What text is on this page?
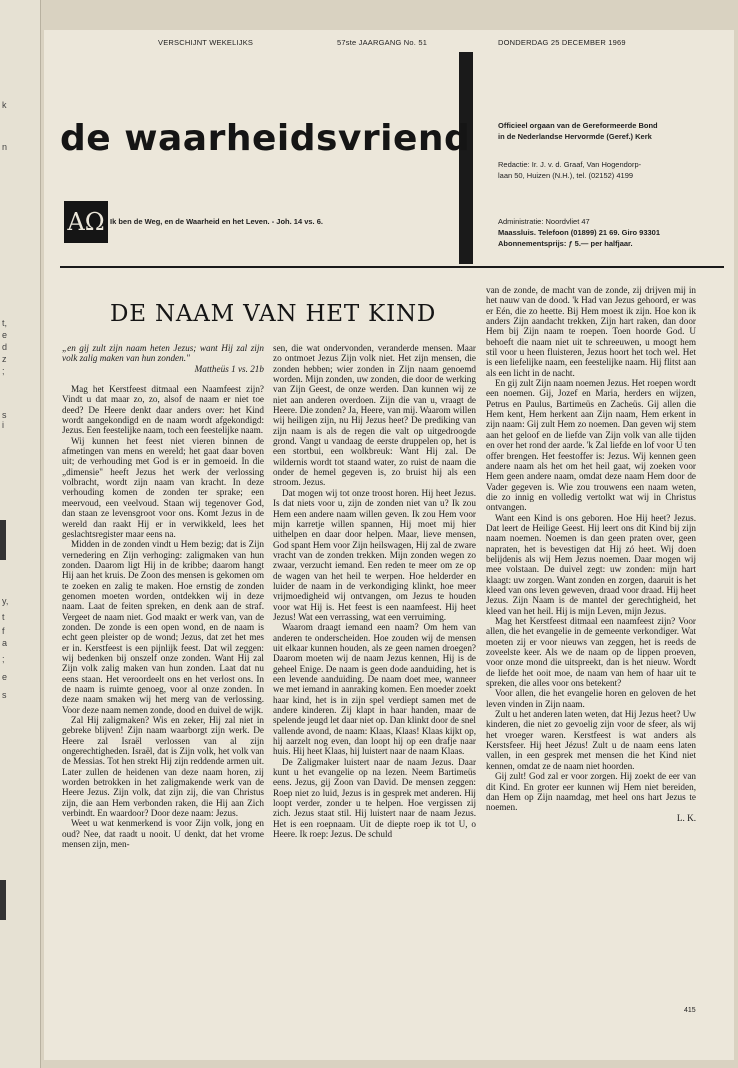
k
n
t,
e
d
z
;
s
i
y,
t
f
a
;
e
s
VERSCHIJNT WEKELIJKS	57ste JAARGANG No. 51	DONDERDAG 25 DECEMBER 1969
de waarheidsvriend
AΩ Ik ben de Weg, en de Waarheid en het Leven. - Joh. 14 vs. 6.
Officieel orgaan van de Gereformeerde Bond
in de Nederlandse Hervormde (Geref.) Kerk
Redactie: Ir. J. v. d. Graaf, Van Hogendorp-
laan 50, Huizen (N.H.), tel. (02152) 4199
Administratie: Noordvliet 47
Maassluis. Telefoon (01899) 21 69. Giro 93301
Abonnementsprijs: ƒ 5.— per halfjaar.
DE NAAM VAN HET KIND

„en gij zult zijn naam heten Jezus; want Hij zal zijn volk zalig maken van hun zonden."

Mattheüs 1 vs. 21b

Mag het Kerstfeest ditmaal een Naamfeest zijn? Vindt u dat maar zo, zo, alsof de naam er niet toe deed? De Heere denkt daar anders over: het Kind wordt aangekondigd en de naam wordt afgekondigd: Jezus. Een feestelijke naam, toch een feestelijke naam.

Wij kunnen het feest niet vieren binnen de afmetingen van mens en wereld; het gaat daar boven uit; de verhouding met God is er in gemoeid. In die „dimensie" heeft Jezus het werk der verlossing volbracht, wordt zijn naam van kracht. In deze verhouding komen de zonden ter sprake; een meervoud, een veelvoud. Staan wij tegenover God, dan staan ze levensgroot voor ons. Komt Jezus in de wereld dan raakt Hij er in verwikkeld, lees het geslachtsregister maar eens na.

Midden in de zonden vindt u Hem bezig; dat is Zijn vernedering en Zijn verhoging: zaligmaken van hun zonden. Daarom ligt Hij in de kribbe; daarom hangt Hij aan het kruis. De Zoon des mensen is gekomen om te zoeken en zalig te maken. Hoe ernstig de zonden genomen moeten worden, ontdekken wij in deze naam. Laat de feiten spreken, en denk aan de straf. Vergeet de naam niet. God maakt er werk van, van de zonden. De zonde is een open wond, en de naam is echt geen pleister op de wond; Jezus, dat zet het mes er in. Kerstfeest is een pijnlijk feest. Dat wil zeggen: wij bedenken bij onszelf onze zonden. Want Hij zal Zijn volk zalig maken van hun zonden. Laat dat nu eens staan. Het veroordeelt ons en het verlost ons. In de naam is ruimte genoeg, voor al onze zonden. In deze naam smaken wij het merg van de verlossing. Voor deze naam nemen zonde, dood en duivel de wijk.

Zal Hij zaligmaken? Wis en zeker, Hij zal niet in gebreke blijven! Zijn naam waarborgt zijn werk. De Heere zal Israël verlossen van al zijn ongerechtigheden. Israël, dat is Zijn volk, het volk van de Messias. Tot hen strekt Hij zijn reddende armen uit. Later zullen de heidenen van deze naam horen, zij worden betrokken in het zaligmakende werk van de Heere Jezus. Zijn volk, dat zijn zij, die van Christus zijn, die aan Hem verbonden raken, die Hij aan Zich verbindt. En waardoor? Door deze naam: Jezus.

Weet u wat kenmerkend is voor Zijn volk, jong en oud? Nee, dat raadt u nooit. U denkt, dat het vrome mensen zijn, men-

sen, die wat ondervonden, veranderde mensen. Maar zo ontmoet Jezus Zijn volk niet. Het zijn mensen, die zonden hebben; wier zonden in Zijn naam genoemd worden. Mijn zonden, uw zonden, die door de werking van Zijn Geest, de onze werden. Dan kunnen wij ze niet aan anderen overdoen. Zijn die van u, vraagt de Heere. Die zonden? Ja, Heere, van mij. Waarom willen wij heiligen zijn, nu Hij Jezus heet? De prediking van zijn naam is als de regen die valt op uitgedroogde grond. Vangt u vandaag de eerste druppelen op, het is een stortbui, een wolkbreuk: Want Hij zal. De wildernis wordt tot staand water, zo ruist de naam die onder de hemel gegeven is, zo bruist hij als een stroom. Jezus.

Dat mogen wij tot onze troost horen. Hij heet Jezus. Is dat niets voor u, zijn de zonden niet van u? Ik zou Hem een andere naam willen geven. Ik zou Hem voor mijn karretje willen spannen, Hij moet mij hier uithelpen en daar door helpen. Maar, lieve mensen, God spant Hem voor Zijn heilswagen, Hij zal de zware vracht van de zonden trekken. Mijn zonden wegen zo zwaar, verzucht iemand. Een reden te meer om ze op de wagen van het heil te werpen. Hoe helderder en luider de naam in de verkondiging klinkt, hoe meer vrijmoedigheid wij ontvangen, om Jezus te houden voor wat Hij is. Het feest is een naamfeest. Hij heet Jezus! Wat een verrassing, wat een verruiming.

Waarom draagt iemand een naam? Om hem van anderen te onderscheiden. Hoe zouden wij de mensen uit elkaar kunnen houden, als ze geen namen droegen? Daarom moeten wij de naam Jezus kennen, Hij is de geheel Enige. De naam is geen dode aanduiding, het is een levende aanduiding. De naam doet mee, wanneer we met iemand in aanraking komen. Een moeder zoekt haar kind, het is in zijn spel verdiept samen met de andere kinderen. Zij klapt in haar handen, maar de spelende jeugd let daar niet op. Dan klinkt door de snel vallende avond, de naam: Klaas, Klaas! Klaas kijkt op, hij aarzelt nog even, dan loopt hij op een drafje naar huis. Hij heet Klaas, hij luistert naar de naam Klaas.

De Zaligmaker luistert naar de naam Jezus. Daar kunt u het evangelie op na lezen. Neem Bartimeüs eens. Jezus, gij Zoon van David. De mensen zeggen: Roep niet zo luid, Jezus is in gesprek met anderen. Hij loopt verder, zonder u te helpen. Hoe vergissen zij zich. Jezus staat stil. Hij luistert naar de naam Jezus. Het is een roepnaam. Uit de diepte roep ik tot U, o Heere. Ik roep: Jezus. De schuld

van de zonde, de macht van de zonde, zij drijven mij in het nauw van de dood. 'k Had van Jezus gehoord, er was er Eén, die zo heette. Bij Hem moest ik zijn. Hoe kon ik anders Zijn aandacht trekken, Zijn hart raken, dan door Hem bij Zijn naam te roepen. Toen hoorde God. U behoeft die naam niet uit te schreeuwen, u moogt hem stil voor u heen fluisteren, Jezus hoort het toch wel. Het is een liefelijke naam, een feestelijke naam. Hij flitst aan als een licht in de nacht.

En gij zult Zijn naam noemen Jezus. Het roepen wordt een noemen. Gij, Jozef en Maria, herders en wijzen, Petrus en Paulus, Bartimeüs en Zacheüs. Gij allen die Hem kent, Hem herkent aan Zijn naam, Hem erkent in zijn naam: Gij zult Hem zo noemen. Dan geven wij stem aan het geloof en de liefde van Zijn volk van alle tijden en over het rond der aarde. 'k Zal liefde en lof voor U ten offer brengen. Het feestoffer is: Jezus. Wij kennen geen andere naam als het om het heil gaat, wij zoeken voor Hem geen andere naam, omdat deze naam Hem door de Vader gegeven is. Wie zou trouwens een naam weten, die zo innig en volledig vertolkt wat wij in Christus ontvangen.

Want een Kind is ons geboren. Hoe Hij heet? Jezus. Dat leert de Heilige Geest. Hij leert ons dit Kind bij zijn naam noemen. Noemen is dan geen praten over, geen napraten, het is bevestigen dat Hij zó heet. Wij doen belijdenis als wij Hem Jezus noemen. Daar mogen wij mee volstaan. De duivel zegt: uw zonden: mijn hart klaagt: uw zorgen. Want zonden en zorgen, daaruit is het kleed van ons leven geweven, draad voor draad. Hij heet Jezus. Zijn Naam is de mantel der gerechtigheid, het kleed van het heil. Hij is mijn Leven, mijn Jezus.

Mag het Kerstfeest ditmaal een naamfeest zijn? Voor allen, die het evangelie in de gemeente verkondiger. Wat moeten zij er voor nieuws van zeggen, het is reeds de zoveelste keer. Als we de naam op de lippen proeven, voor onze mond die uitspreekt, dan is het nieuw. Wordt de liefde het ooit moe, de naam van hem of haar uit te spreken, die alles voor ons betekent?

Voor allen, die het evangelie horen en geloven de het leven vinden in Zijn naam.

Zult u het anderen laten weten, dat Hij Jezus heet? Uw kinderen, die niet zo gevoelig zijn voor de sfeer, als wij het vroeger waren. Kerstfeest is wat anders als Kerstsfeer. Hij heet Jézus! Zult u de naam eens laten vallen, in een gesprek met mensen die het Kind niet kennen, omdat ze de naam niet hoorden.

Gij zult! God zal er voor zorgen. Hij zoekt de eer van dit Kind. En groter eer kunnen wij Hem niet bereiden, dan Hem op Zijn naamdag, met heel ons hart Jezus te noemen.

L. K.

415
